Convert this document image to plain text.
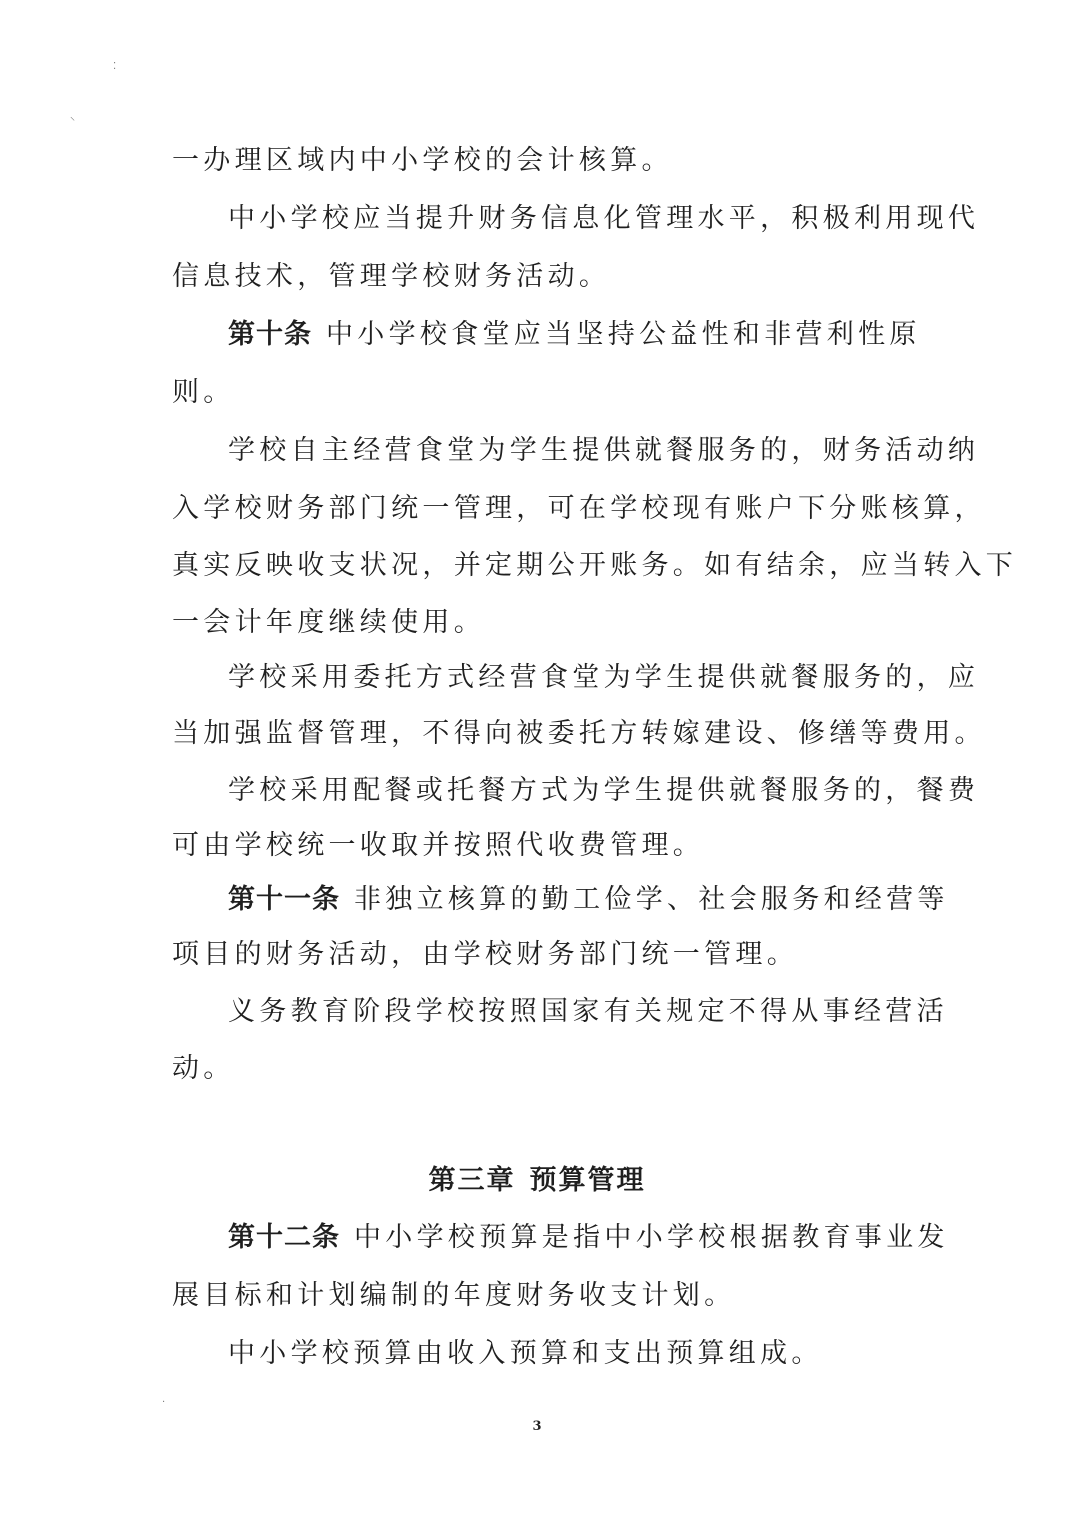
⁚
⸌
一办理区域内中小学校的会计核算。
中小学校应当提升财务信息化管理水平，积极利用现代
信息技术，管理学校财务活动。
第十条 中小学校食堂应当坚持公益性和非营利性原
则。
学校自主经营食堂为学生提供就餐服务的，财务活动纳
入学校财务部门统一管理，可在学校现有账户下分账核算，
真实反映收支状况，并定期公开账务。如有结余，应当转入下
一会计年度继续使用。
学校采用委托方式经营食堂为学生提供就餐服务的，应
当加强监督管理，不得向被委托方转嫁建设、修缮等费用。
学校采用配餐或托餐方式为学生提供就餐服务的，餐费
可由学校统一收取并按照代收费管理。
第十一条 非独立核算的勤工俭学、社会服务和经营等
项目的财务活动，由学校财务部门统一管理。
义务教育阶段学校按照国家有关规定不得从事经营活
动。
第三章 预算管理
第十二条 中小学校预算是指中小学校根据教育事业发
展目标和计划编制的年度财务收支计划。
中小学校预算由收入预算和支出预算组成。
·
3
